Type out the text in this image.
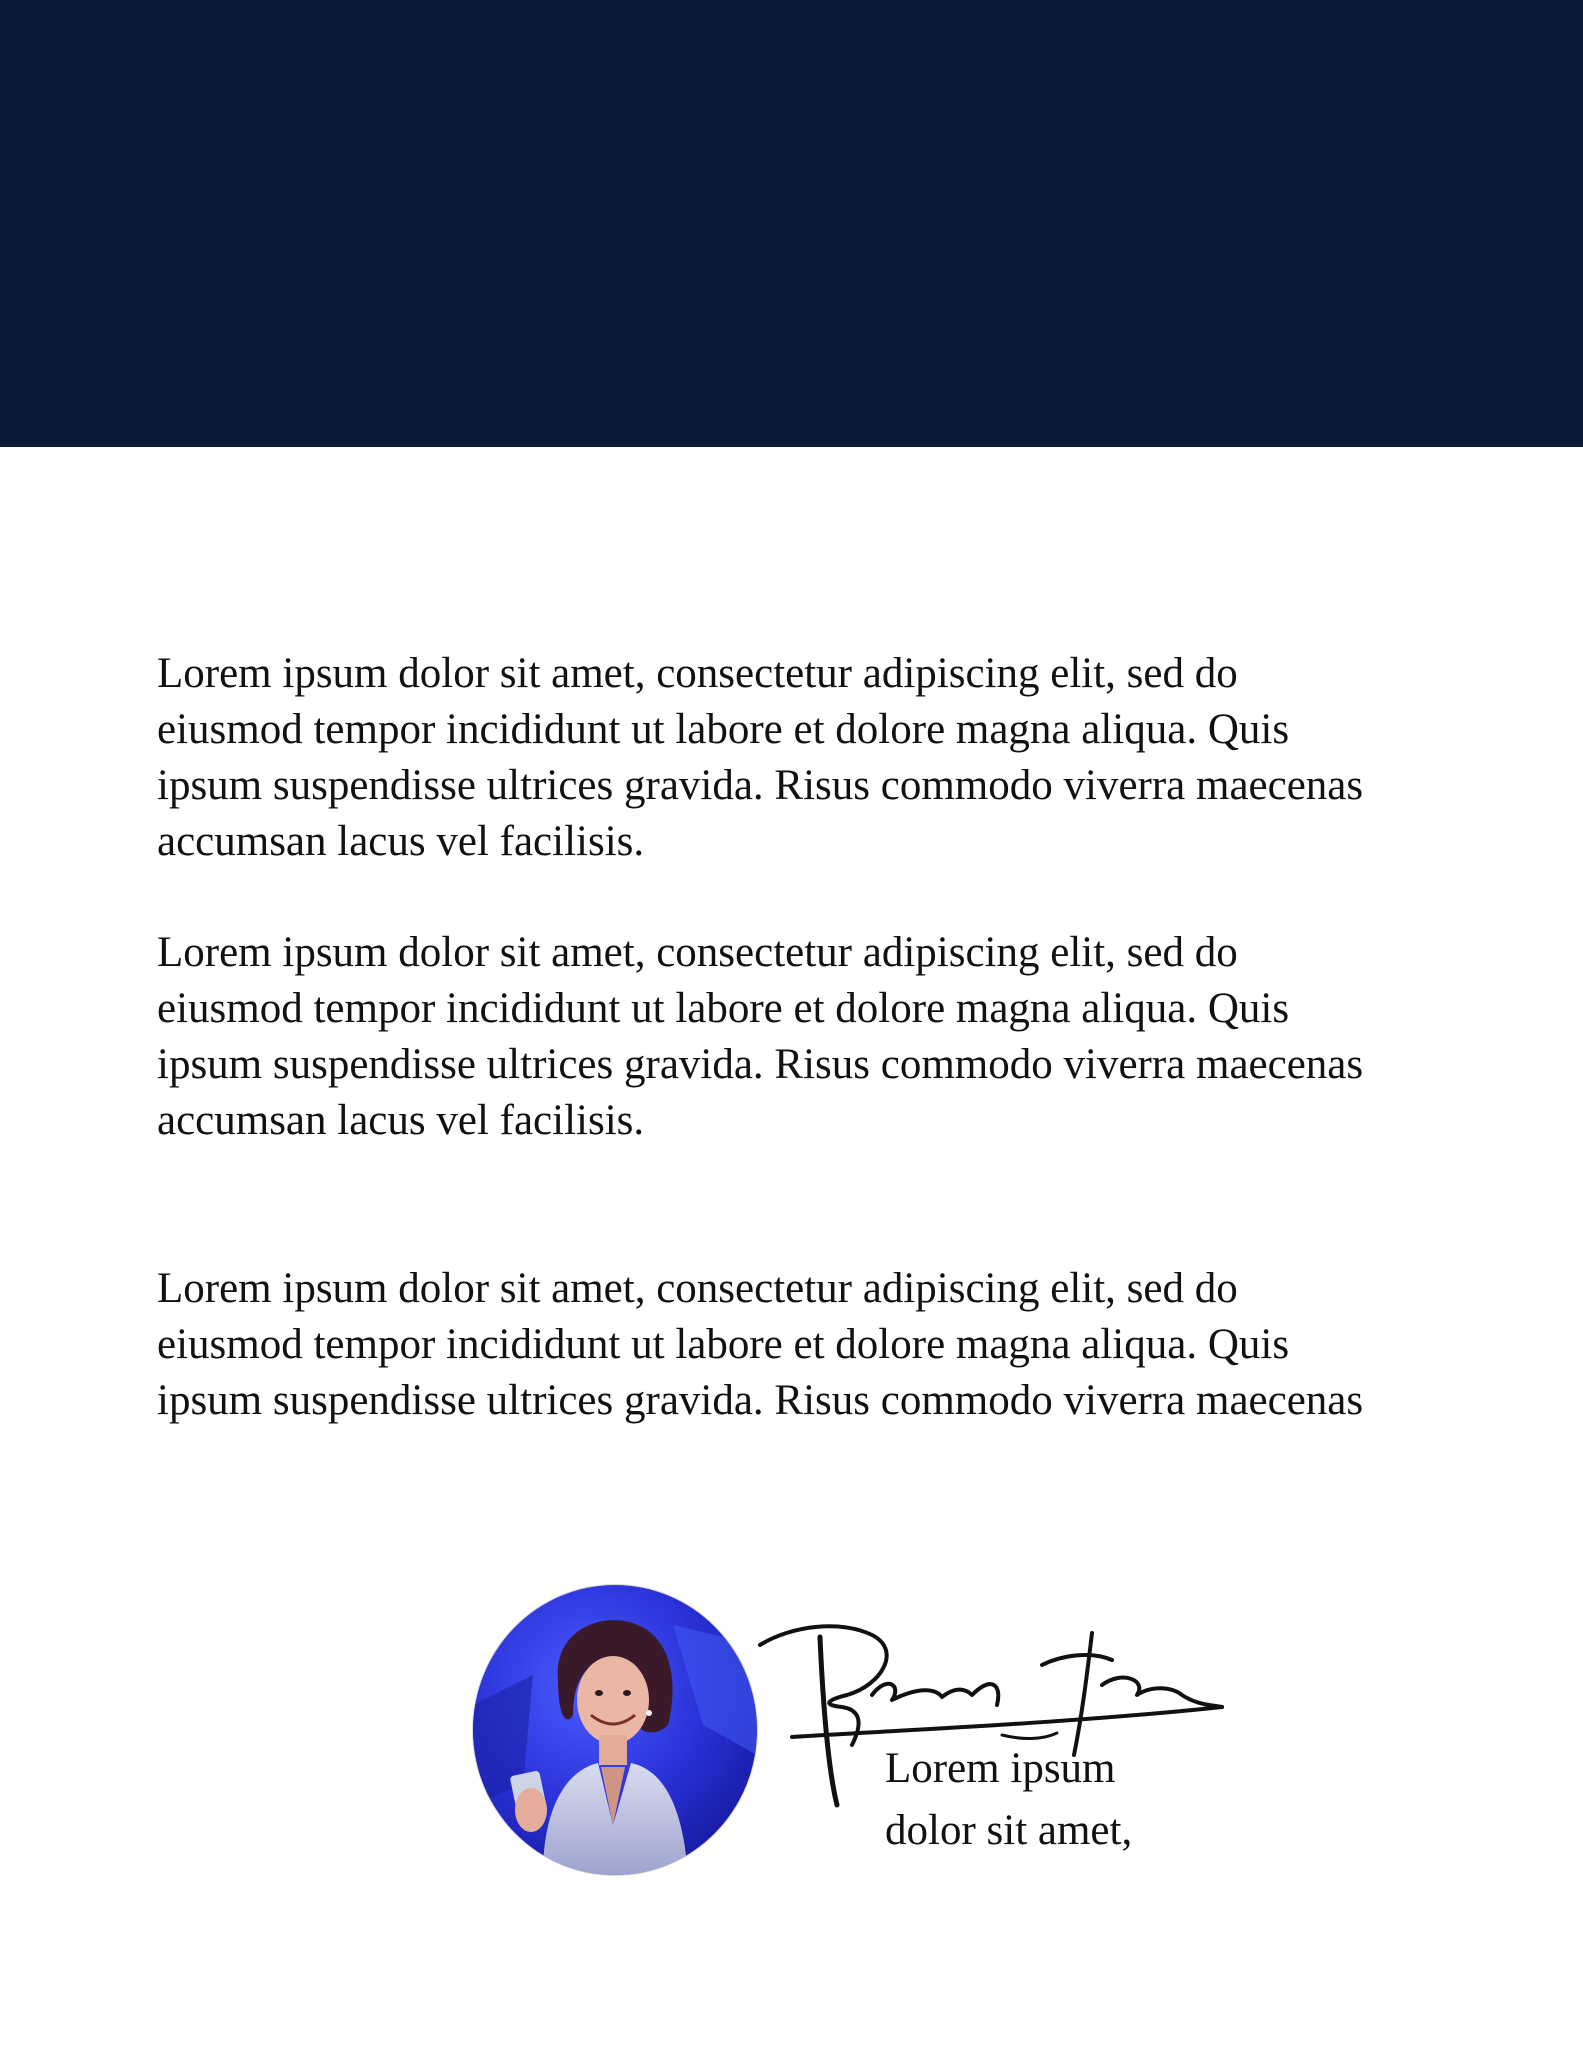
Lorem ipsum dolor sit amet, consectetur adipiscing elit, sed do
eiusmod tempor incididunt ut labore et dolore magna aliqua. Quis
ipsum suspendisse ultrices gravida. Risus commodo viverra maecenas
accumsan lacus vel facilisis.

Lorem ipsum dolor sit amet, consectetur adipiscing elit, sed do
eiusmod tempor incididunt ut labore et dolore magna aliqua. Quis
ipsum suspendisse ultrices gravida. Risus commodo viverra maecenas
accumsan lacus vel facilisis.

Lorem ipsum dolor sit amet, consectetur adipiscing elit, sed do
eiusmod tempor incididunt ut labore et dolore magna aliqua. Quis
ipsum suspendisse ultrices gravida. Risus commodo viverra maecenas

Lorem ipsum
dolor sit amet,
